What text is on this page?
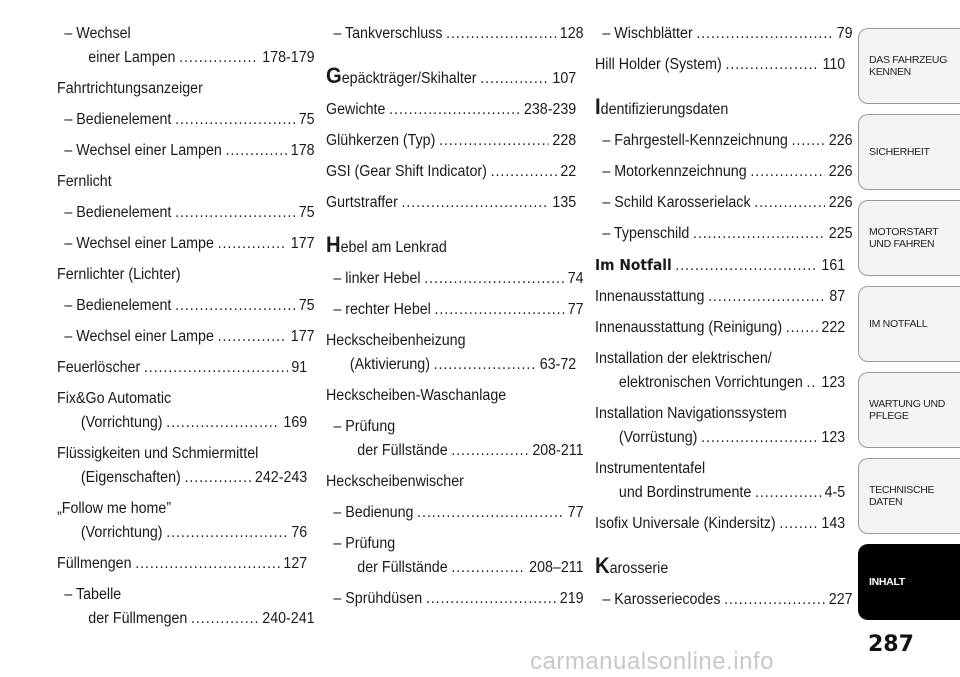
– Wechsel
einer Lampen .....	178-179
Fahrtrichtungsanzeiger
– Bedienelement .....	75
– Wechsel einer Lampen .....	178
Fernlicht
– Bedienelement .....	75
– Wechsel einer Lampe .....	177
Fernlichter (Lichter)
– Bedienelement .....	75
– Wechsel einer Lampe .....	177
Feuerlöscher .....	91
Fix&Go Automatic
(Vorrichtung) .....	169
Flüssigkeiten und Schmiermittel
(Eigenschaften) .....	242-243
„Follow me home”
(Vorrichtung) .....	76
Füllmengen .....	127
– Tabelle
der Füllmengen .....	240-241
– Tankverschluss .....	128
Gepäckträger/Skihalter .....	107
Gewichte .....	238-239
Glühkerzen (Typ) .....	228
GSI (Gear Shift Indicator) .....	22
Gurtstraffer .....	135
Hebel am Lenkrad
– linker Hebel .....	74
– rechter Hebel .....	77
Heckscheibenheizung
(Aktivierung) .....	63-72
Heckscheiben-Waschanlage
– Prüfung
der Füllstände .....	208-211
Heckscheibenwischer
– Bedienung .....	77
– Prüfung
der Füllstände .....	208–211
– Sprühdüsen .....	219
– Wischblätter .....	79
Hill Holder (System) .....	110
Identifizierungsdaten
– Fahrgestell-Kennzeichnung .....	226
– Motorkennzeichnung .....	226
– Schild Karosserielack .....	226
– Typenschild .....	225
Im Notfall .....	161
Innenausstattung .....	87
Innenausstattung (Reinigung) .....	222
Installation der elektrischen/
elektronischen Vorrichtungen ..... 123
Installation Navigationssystem
(Vorrüstung) .....	123
Instrumententafel
und Bordinstrumente .....	4-5
Isofix Universale (Kindersitz) .....	143
Karosserie
– Karosseriecodes .....	227
DAS FAHRZEUG KENNEN
SICHERHEIT
MOTORSTART UND FAHREN
IM NOTFALL
WARTUNG UND PFLEGE
TECHNISCHE DATEN
INHALT
287
carmanualsonline.info
